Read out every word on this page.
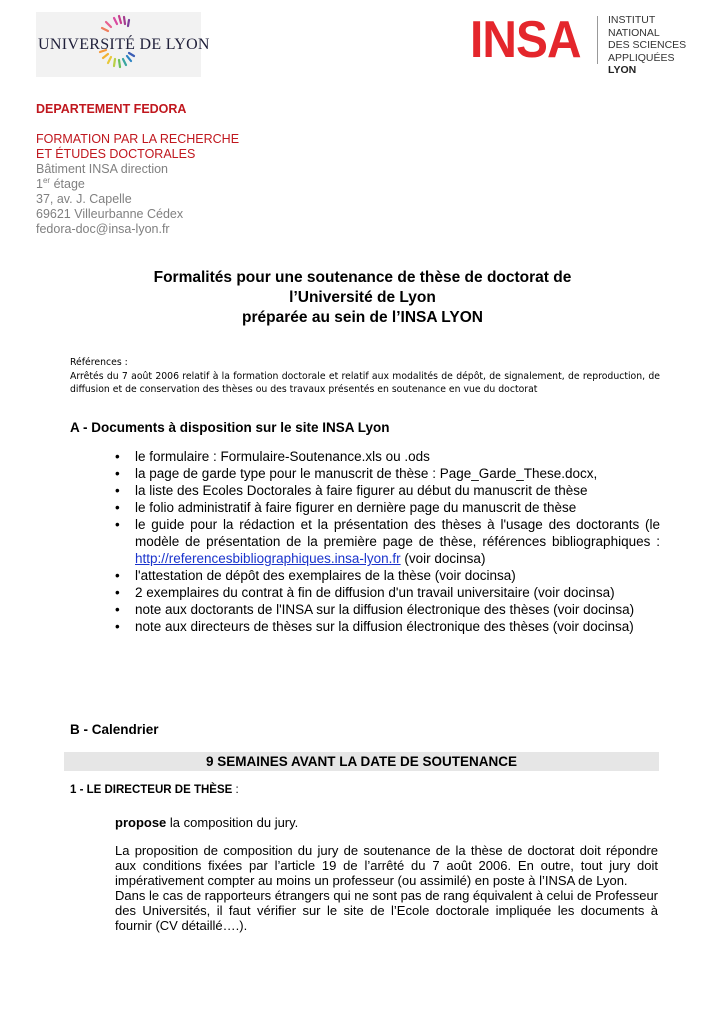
UNIVERSITÉ DE LYON	INSA	INSTITUT NATIONAL
DES SCIENCES
APPLIQUÉES
LYON
DEPARTEMENT FEDORA
FORMATION PAR LA RECHERCHE
ET ÉTUDES DOCTORALES
Bâtiment INSA direction
1er étage
37, av. J. Capelle
69621 Villeurbanne Cédex
fedora-doc@insa-lyon.fr
Formalités pour une soutenance de thèse de doctorat de
l’Université de Lyon
préparée au sein de l’INSA LYON
Références :
Arrêtés du 7 août 2006 relatif à la formation doctorale et relatif aux modalités de dépôt, de signalement, de reproduction, de diffusion et de conservation des thèses ou des travaux présentés en soutenance en vue du doctorat
A - Documents à disposition sur le site INSA Lyon
• le formulaire : Formulaire-Soutenance.xls ou .ods
• la page de garde type pour le manuscrit de thèse : Page_Garde_These.docx,
• la liste des Ecoles Doctorales à faire figurer au début du manuscrit de thèse
• le folio administratif à faire figurer en dernière page du manuscrit de thèse
• le guide pour la rédaction et la présentation des thèses à l'usage des doctorants (le modèle de présentation de la première page de thèse, références bibliographiques : http://referencesbibliographiques.insa-lyon.fr (voir docinsa)
• l'attestation de dépôt des exemplaires de la thèse (voir docinsa)
• 2 exemplaires du contrat à fin de diffusion d'un travail universitaire (voir docinsa)
• note aux doctorants de l'INSA sur la diffusion électronique des thèses (voir docinsa)
• note aux directeurs de thèses sur la diffusion électronique des thèses (voir docinsa)
B - Calendrier
9 SEMAINES AVANT LA DATE DE SOUTENANCE
1 - LE DIRECTEUR DE THÈSE :
propose la composition du jury.

La proposition de composition du jury de soutenance de la thèse de doctorat doit répondre aux conditions fixées par l’article 19 de l’arrêté du 7 août 2006. En outre, tout jury doit impérativement compter au moins un professeur (ou assimilé) en poste à l’INSA de Lyon.

Dans le cas de rapporteurs étrangers qui ne sont pas de rang équivalent à celui de Professeur des Universités, il faut vérifier sur le site de l’Ecole doctorale impliquée les documents à fournir (CV détaillé….).
